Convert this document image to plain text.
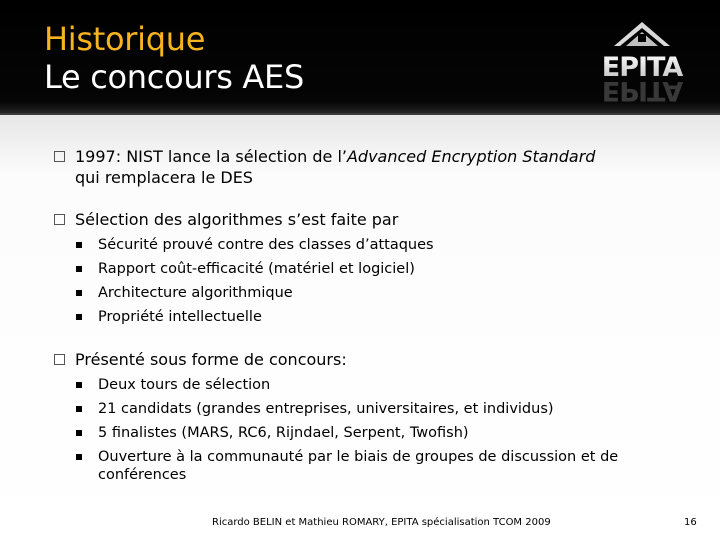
Historique
Le concours AES	EPITA
EPITA
1997: NIST lance la sélection de l’Advanced Encryption Standard
qui remplacera le DES
Sélection des algorithmes s’est faite par
Sécurité prouvé contre des classes d’attaques
Rapport coût-efficacité (matériel et logiciel)
Architecture algorithmique
Propriété intellectuelle
Présenté sous forme de concours:
Deux tours de sélection
21 candidats (grandes entreprises, universitaires, et individus)
5 finalistes (MARS, RC6, Rijndael, Serpent, Twofish)
Ouverture à la communauté par le biais de groupes de discussion et de
conférences
Ricardo BELIN et Mathieu ROMARY, EPITA spécialisation TCOM 2009	16
